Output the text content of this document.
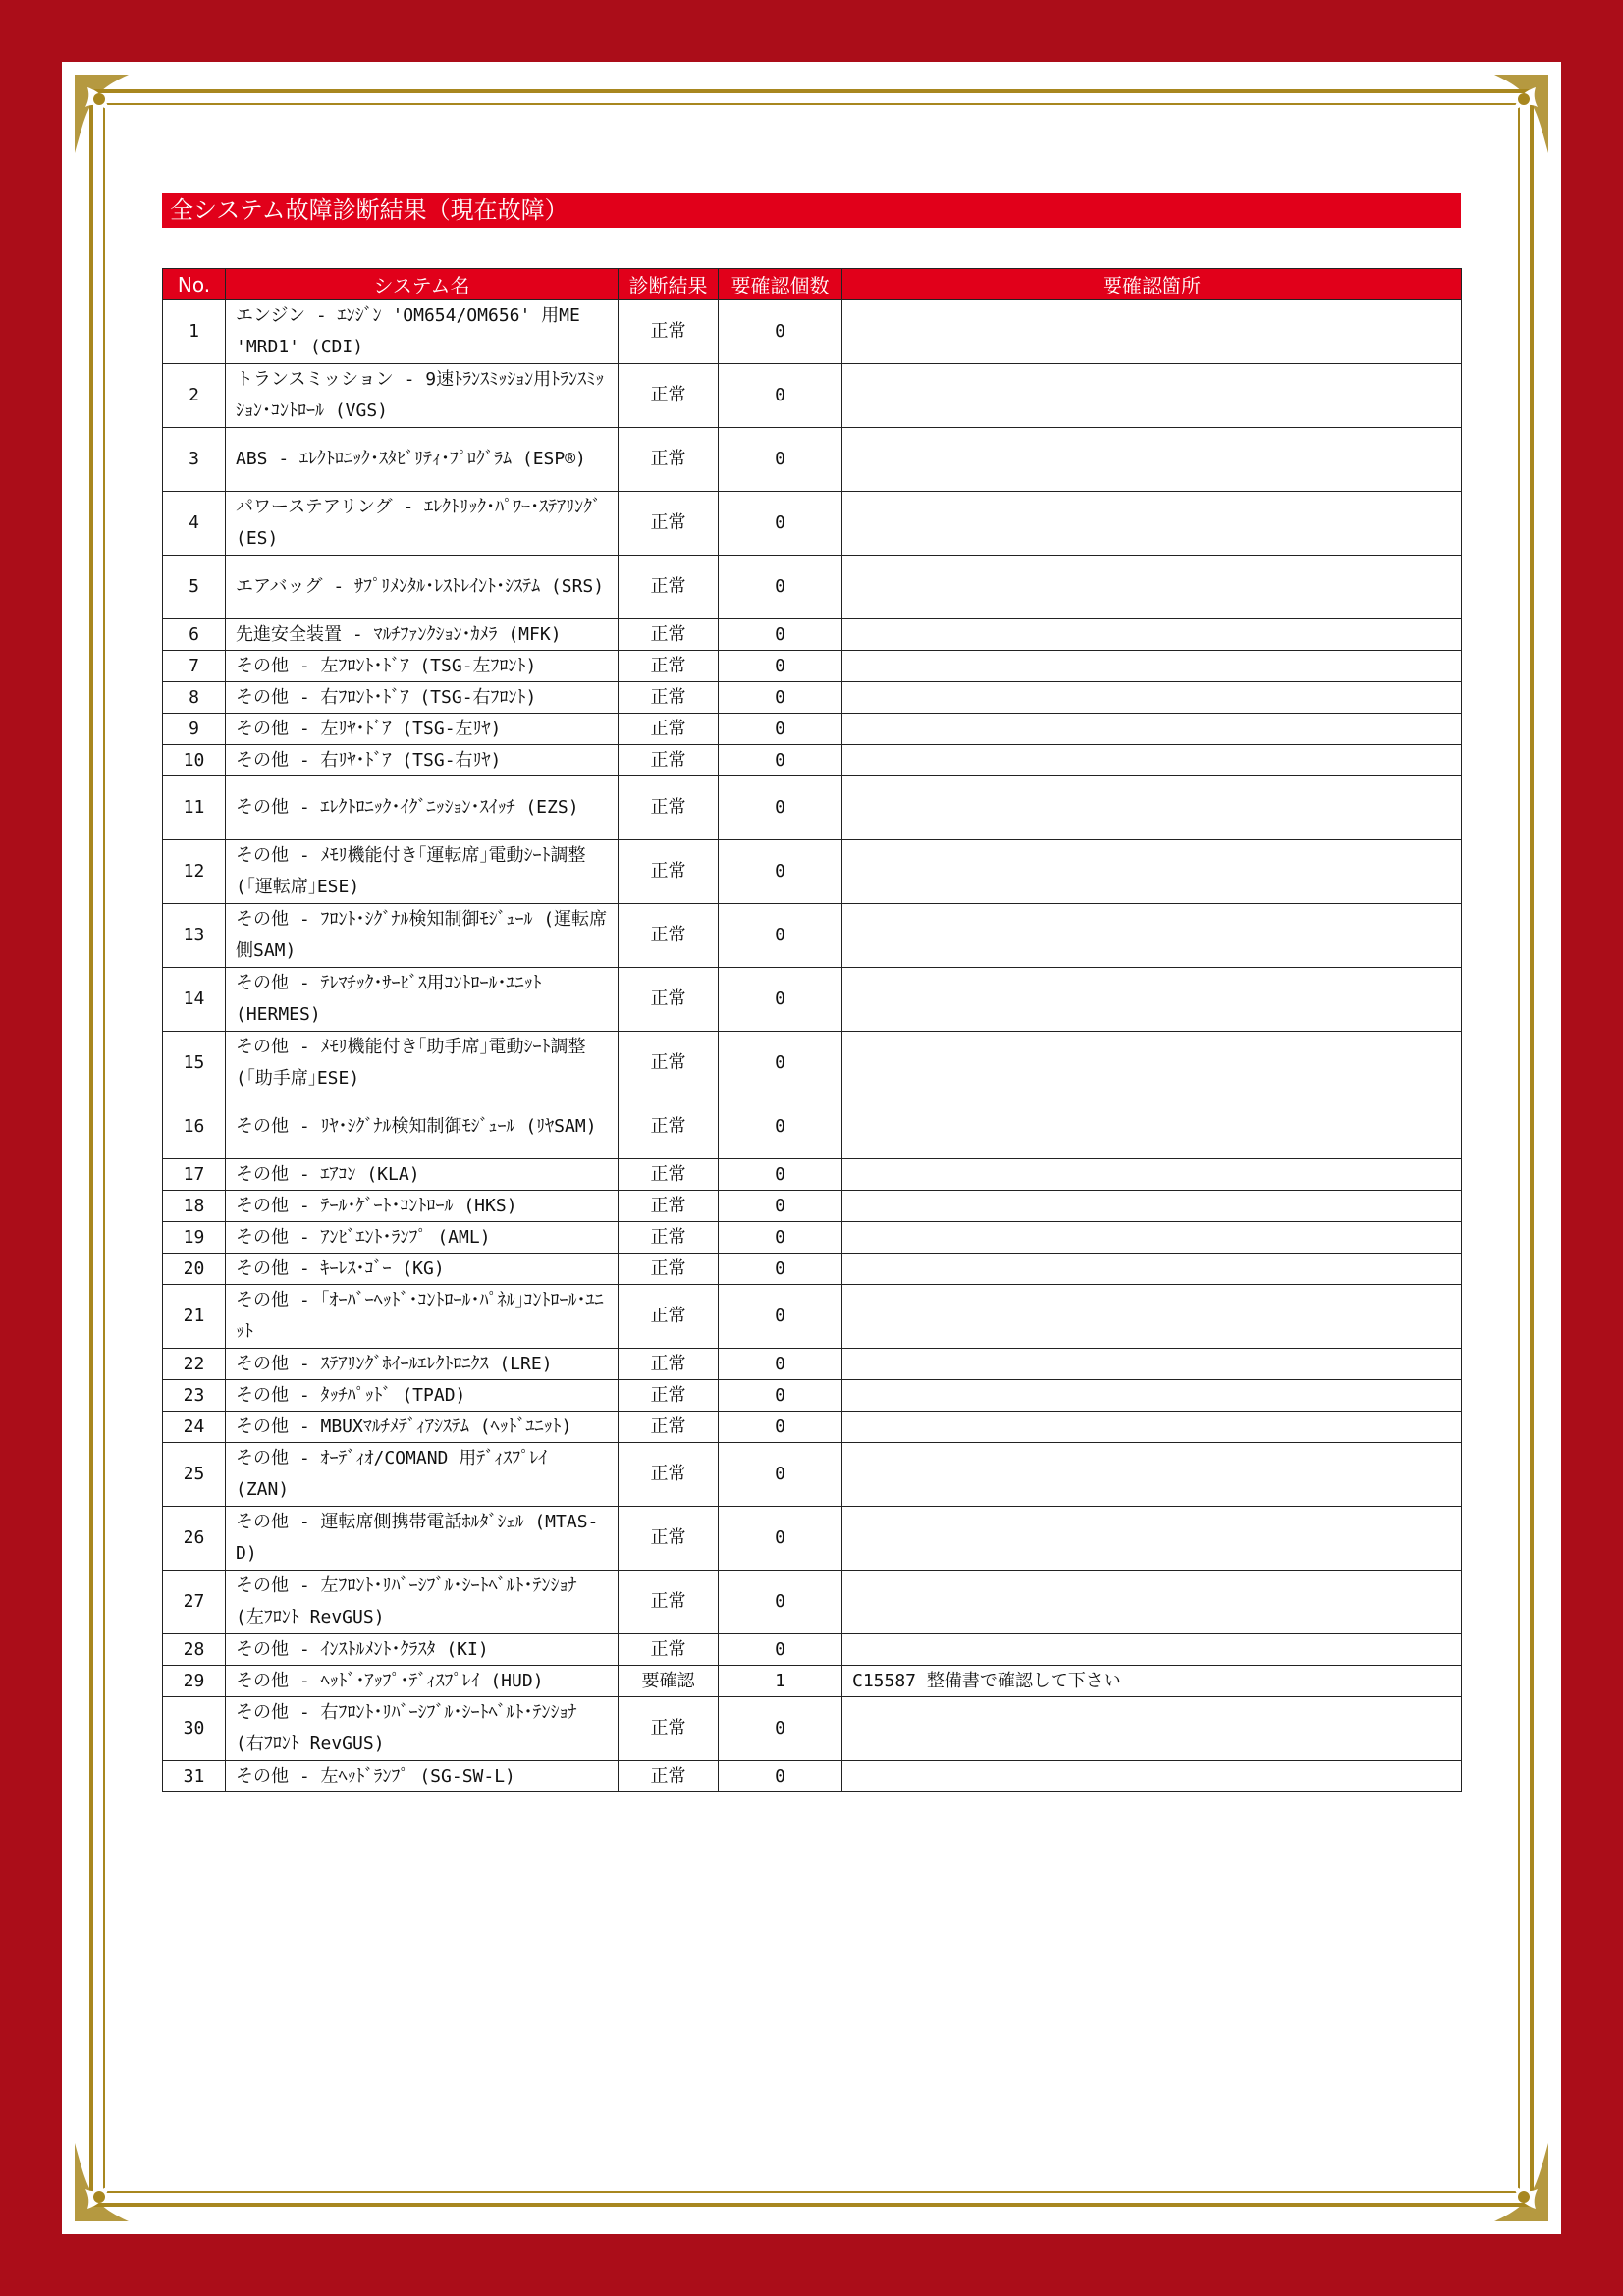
全システム故障診断結果（現在故障）
No.	システム名	診断結果	要確認個数	要確認箇所
1	エンジン - ｴﾝｼﾞﾝ 'OM654/OM656' 用ME 'MRD1' (CDI)	正常	0	
2	トランスミッション - 9速ﾄﾗﾝｽﾐｯｼｮﾝ用ﾄﾗﾝｽﾐｯｼｮﾝ･ｺﾝﾄﾛｰﾙ (VGS)	正常	0	
3	ABS - ｴﾚｸﾄﾛﾆｯｸ･ｽﾀﾋﾞﾘﾃｨ･ﾌﾟﾛｸﾞﾗﾑ (ESP®)	正常	0	
4	パワーステアリング - ｴﾚｸﾄﾘｯｸ･ﾊﾟﾜｰ･ｽﾃｱﾘﾝｸﾞ (ES)	正常	0	
5	エアバッグ - ｻﾌﾟﾘﾒﾝﾀﾙ･ﾚｽﾄﾚｲﾝﾄ･ｼｽﾃﾑ (SRS)	正常	0	
6	先進安全装置 - ﾏﾙﾁﾌｧﾝｸｼｮﾝ･ｶﾒﾗ (MFK)	正常	0	
7	その他 - 左ﾌﾛﾝﾄ･ﾄﾞｱ (TSG-左ﾌﾛﾝﾄ)	正常	0	
8	その他 - 右ﾌﾛﾝﾄ･ﾄﾞｱ (TSG-右ﾌﾛﾝﾄ)	正常	0	
9	その他 - 左ﾘﾔ･ﾄﾞｱ (TSG-左ﾘﾔ)	正常	0	
10	その他 - 右ﾘﾔ･ﾄﾞｱ (TSG-右ﾘﾔ)	正常	0	
11	その他 - ｴﾚｸﾄﾛﾆｯｸ･ｲｸﾞﾆｯｼｮﾝ･ｽｲｯﾁ (EZS)	正常	0	
12	その他 - ﾒﾓﾘ機能付き｢運転席｣電動ｼｰﾄ調整 (｢運転席｣ESE)	正常	0	
13	その他 - ﾌﾛﾝﾄ･ｼｸﾞﾅﾙ検知制御ﾓｼﾞｭｰﾙ (運転席側SAM)	正常	0	
14	その他 - ﾃﾚﾏﾁｯｸ･ｻｰﾋﾞｽ用ｺﾝﾄﾛｰﾙ･ﾕﾆｯﾄ (HERMES)	正常	0	
15	その他 - ﾒﾓﾘ機能付き｢助手席｣電動ｼｰﾄ調整 (｢助手席｣ESE)	正常	0	
16	その他 - ﾘﾔ･ｼｸﾞﾅﾙ検知制御ﾓｼﾞｭｰﾙ (ﾘﾔSAM)	正常	0	
17	その他 - ｴｱｺﾝ (KLA)	正常	0	
18	その他 - ﾃｰﾙ･ｹﾞｰﾄ･ｺﾝﾄﾛｰﾙ (HKS)	正常	0	
19	その他 - ｱﾝﾋﾞｴﾝﾄ･ﾗﾝﾌﾟ (AML)	正常	0	
20	その他 - ｷｰﾚｽ･ｺﾞｰ (KG)	正常	0	
21	その他 - ｢ｵｰﾊﾞｰﾍｯﾄﾞ･ｺﾝﾄﾛｰﾙ･ﾊﾟﾈﾙ｣ｺﾝﾄﾛｰﾙ･ﾕﾆｯﾄ	正常	0	
22	その他 - ｽﾃｱﾘﾝｸﾞﾎｲｰﾙｴﾚｸﾄﾛﾆｸｽ (LRE)	正常	0	
23	その他 - ﾀｯﾁﾊﾟｯﾄﾞ (TPAD)	正常	0	
24	その他 - MBUXﾏﾙﾁﾒﾃﾞｨｱｼｽﾃﾑ (ﾍｯﾄﾞﾕﾆｯﾄ)	正常	0	
25	その他 - ｵｰﾃﾞｨｵ/COMAND 用ﾃﾞｨｽﾌﾟﾚｲ (ZAN)	正常	0	
26	その他 - 運転席側携帯電話ﾎﾙﾀﾞｼｪﾙ (MTAS-D)	正常	0	
27	その他 - 左ﾌﾛﾝﾄ･ﾘﾊﾞｰｼﾌﾞﾙ･ｼｰﾄﾍﾞﾙﾄ･ﾃﾝｼｮﾅ (左ﾌﾛﾝﾄ RevGUS)	正常	0	
28	その他 - ｲﾝｽﾄﾙﾒﾝﾄ･ｸﾗｽﾀ (KI)	正常	0	
29	その他 - ﾍｯﾄﾞ･ｱｯﾌﾟ･ﾃﾞｨｽﾌﾟﾚｲ (HUD)	要確認	1	C15587 整備書で確認して下さい
30	その他 - 右ﾌﾛﾝﾄ･ﾘﾊﾞｰｼﾌﾞﾙ･ｼｰﾄﾍﾞﾙﾄ･ﾃﾝｼｮﾅ (右ﾌﾛﾝﾄ RevGUS)	正常	0	
31	その他 - 左ﾍｯﾄﾞﾗﾝﾌﾟ (SG-SW-L)	正常	0	
